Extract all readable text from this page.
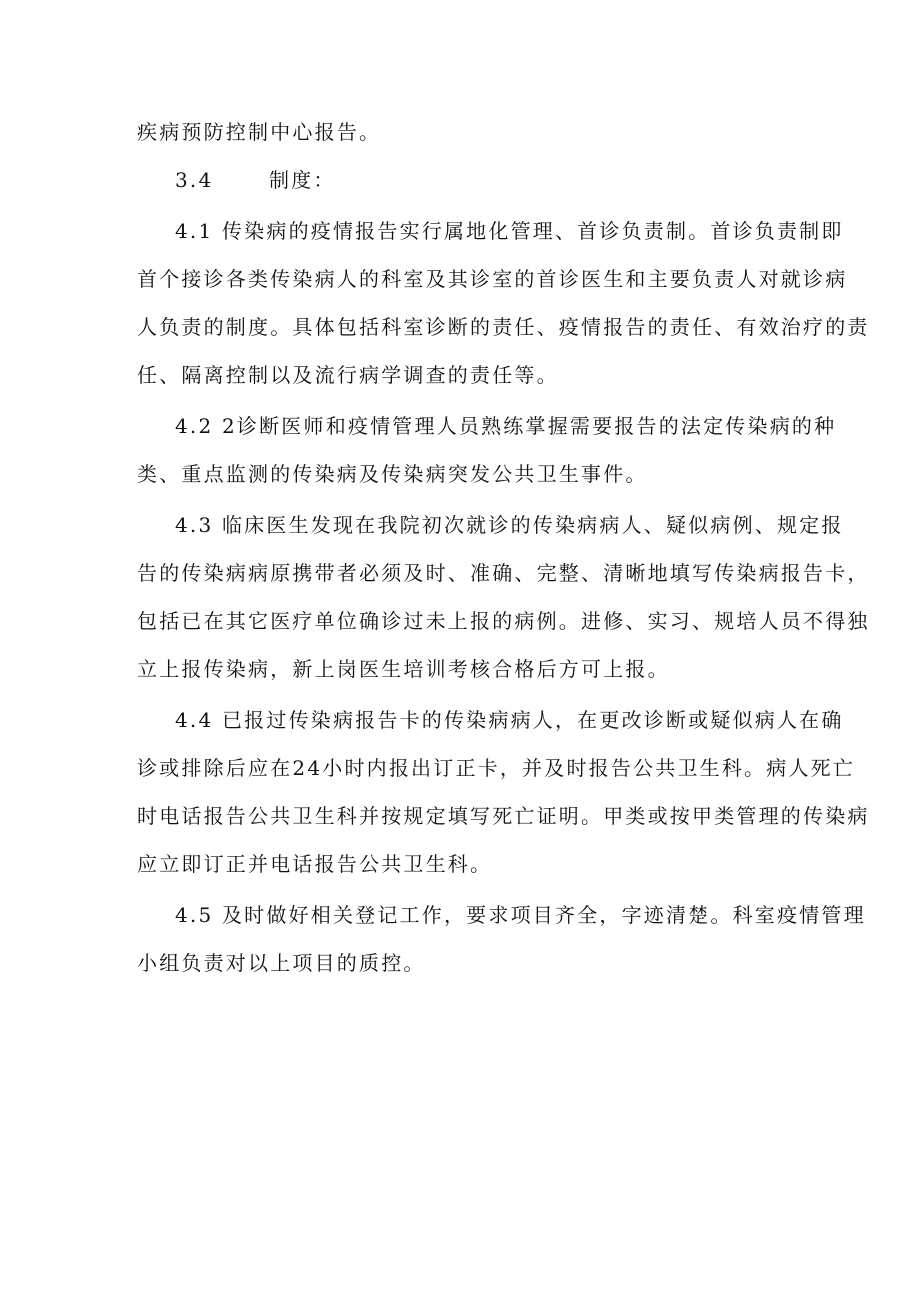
疾病预防控制中心报告。
3.4	制度：
4.1 传染病的疫情报告实行属地化管理、首诊负责制。首诊负责制即
首个接诊各类传染病人的科室及其诊室的首诊医生和主要负责人对就诊病
人负责的制度。具体包括科室诊断的责任、疫情报告的责任、有效治疗的责
任、隔离控制以及流行病学调查的责任等。
4.2 2诊断医师和疫情管理人员熟练掌握需要报告的法定传染病的种
类、重点监测的传染病及传染病突发公共卫生事件。
4.3 临床医生发现在我院初次就诊的传染病病人、疑似病例、规定报
告的传染病病原携带者必须及时、准确、完整、清晰地填写传染病报告卡，
包括已在其它医疗单位确诊过未上报的病例。进修、实习、规培人员不得独
立上报传染病，新上岗医生培训考核合格后方可上报。
4.4 已报过传染病报告卡的传染病病人，在更改诊断或疑似病人在确
诊或排除后应在24小时内报出订正卡，并及时报告公共卫生科。病人死亡
时电话报告公共卫生科并按规定填写死亡证明。甲类或按甲类管理的传染病
应立即订正并电话报告公共卫生科。
4.5 及时做好相关登记工作，要求项目齐全，字迹清楚。科室疫情管理
小组负责对以上项目的质控。
